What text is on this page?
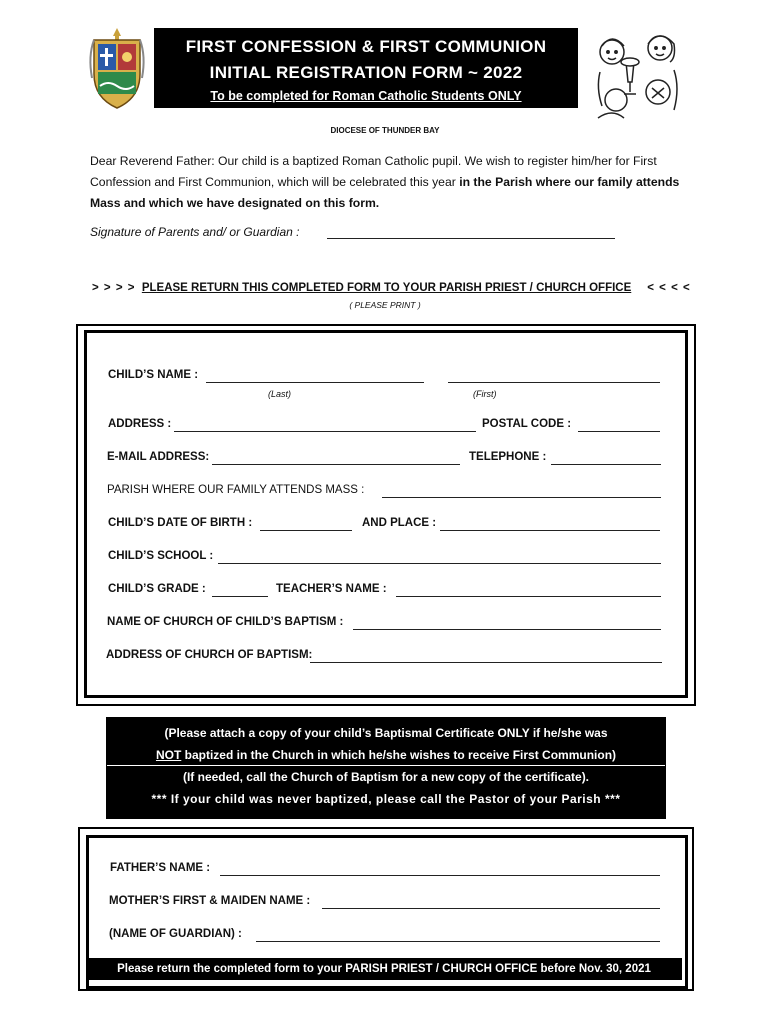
FIRST CONFESSION & FIRST COMMUNION
INITIAL REGISTRATION FORM ~ 2022
To be completed for Roman Catholic Students ONLY
DIOCESE OF THUNDER BAY
Dear Reverend Father: Our child is a baptized Roman Catholic pupil. We wish to register him/her for First Confession and First Communion, which will be celebrated this year in the Parish where our family attends Mass and which we have designated on this form.
Signature of Parents and/ or Guardian :
> > > > PLEASE RETURN THIS COMPLETED FORM TO YOUR PARISH PRIEST / CHURCH OFFICE < < < <
( PLEASE PRINT )
CHILD’S NAME :
(Last)	(First)
ADDRESS :	POSTAL CODE :
E-MAIL ADDRESS:	TELEPHONE :
PARISH WHERE OUR FAMILY ATTENDS MASS :
CHILD’S DATE OF BIRTH :	AND PLACE :
CHILD’S SCHOOL :
CHILD’S GRADE :	TEACHER’S NAME :
NAME OF CHURCH OF CHILD’S BAPTISM :
ADDRESS OF CHURCH OF BAPTISM:
(Please attach a copy of your child’s Baptismal Certificate ONLY if he/she was
NOT baptized in the Church in which he/she wishes to receive First Communion)
(If needed, call the Church of Baptism for a new copy of the certificate).
*** If your child was never baptized, please call the Pastor of your Parish ***
FATHER’S NAME :
MOTHER’S FIRST & MAIDEN NAME :
(NAME OF GUARDIAN) :
Please return the completed form to your PARISH PRIEST / CHURCH OFFICE before Nov. 30, 2021
